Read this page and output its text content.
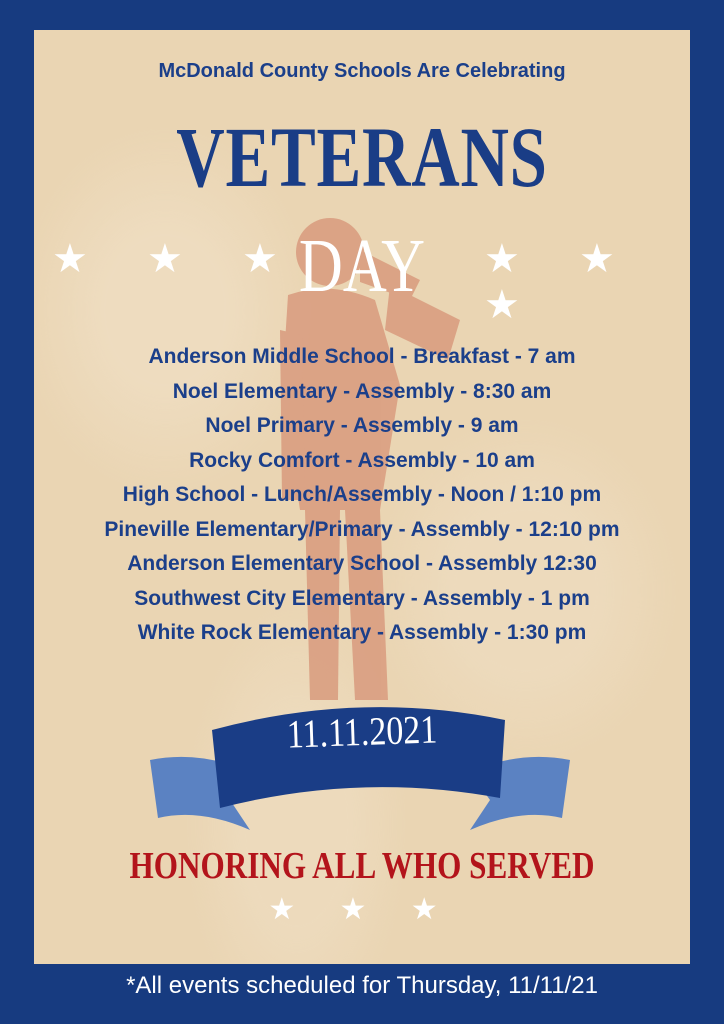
McDonald County Schools Are Celebrating
VETERANS
DAY
★ ★ ★	★ ★ ★
Anderson Middle School - Breakfast - 7 am
Noel Elementary - Assembly - 8:30 am
Noel Primary - Assembly - 9 am
Rocky Comfort - Assembly - 10 am
High School - Lunch/Assembly - Noon / 1:10 pm
Pineville Elementary/Primary - Assembly - 12:10 pm
Anderson Elementary School - Assembly 12:30
Southwest City Elementary - Assembly - 1 pm
White Rock Elementary - Assembly - 1:30 pm
11.11.2021
HONORING ALL WHO SERVED
★ ★ ★
*All events scheduled for Thursday, 11/11/21
